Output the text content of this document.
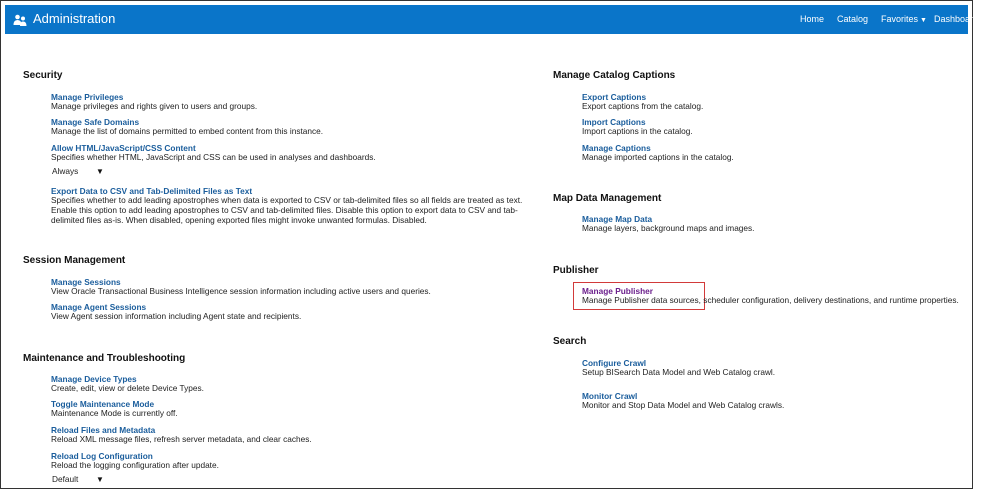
Administration	Home Catalog Favorites ▼ Dashboards
Security
Manage Privileges
Manage privileges and rights given to users and groups.
Manage Safe Domains
Manage the list of domains permitted to embed content from this instance.
Allow HTML/JavaScript/CSS Content
Specifies whether HTML, JavaScript and CSS can be used in analyses and dashboards.
Always ▼
Export Data to CSV and Tab-Delimited Files as Text
Specifies whether to add leading apostrophes when data is exported to CSV or tab-delimited files so all fields are treated as text. Enable this option to add leading apostrophes to CSV and tab-delimited files. Disable this option to export data to CSV and tab-delimited files as-is. When disabled, opening exported files might invoke unwanted formulas. Disabled.
Session Management
Manage Sessions
View Oracle Transactional Business Intelligence session information including active users and queries.
Manage Agent Sessions
View Agent session information including Agent state and recipients.
Maintenance and Troubleshooting
Manage Device Types
Create, edit, view or delete Device Types.
Toggle Maintenance Mode
Maintenance Mode is currently off.
Reload Files and Metadata
Reload XML message files, refresh server metadata, and clear caches.
Reload Log Configuration
Reload the logging configuration after update.
Default ▼
Manage Catalog Captions
Export Captions
Export captions from the catalog.
Import Captions
Import captions in the catalog.
Manage Captions
Manage imported captions in the catalog.
Map Data Management
Manage Map Data
Manage layers, background maps and images.
Publisher
Manage Publisher
Manage Publisher data sources, scheduler configuration, delivery destinations, and runtime properties.
Search
Configure Crawl
Setup BISearch Data Model and Web Catalog crawl.
Monitor Crawl
Monitor and Stop Data Model and Web Catalog crawls.
